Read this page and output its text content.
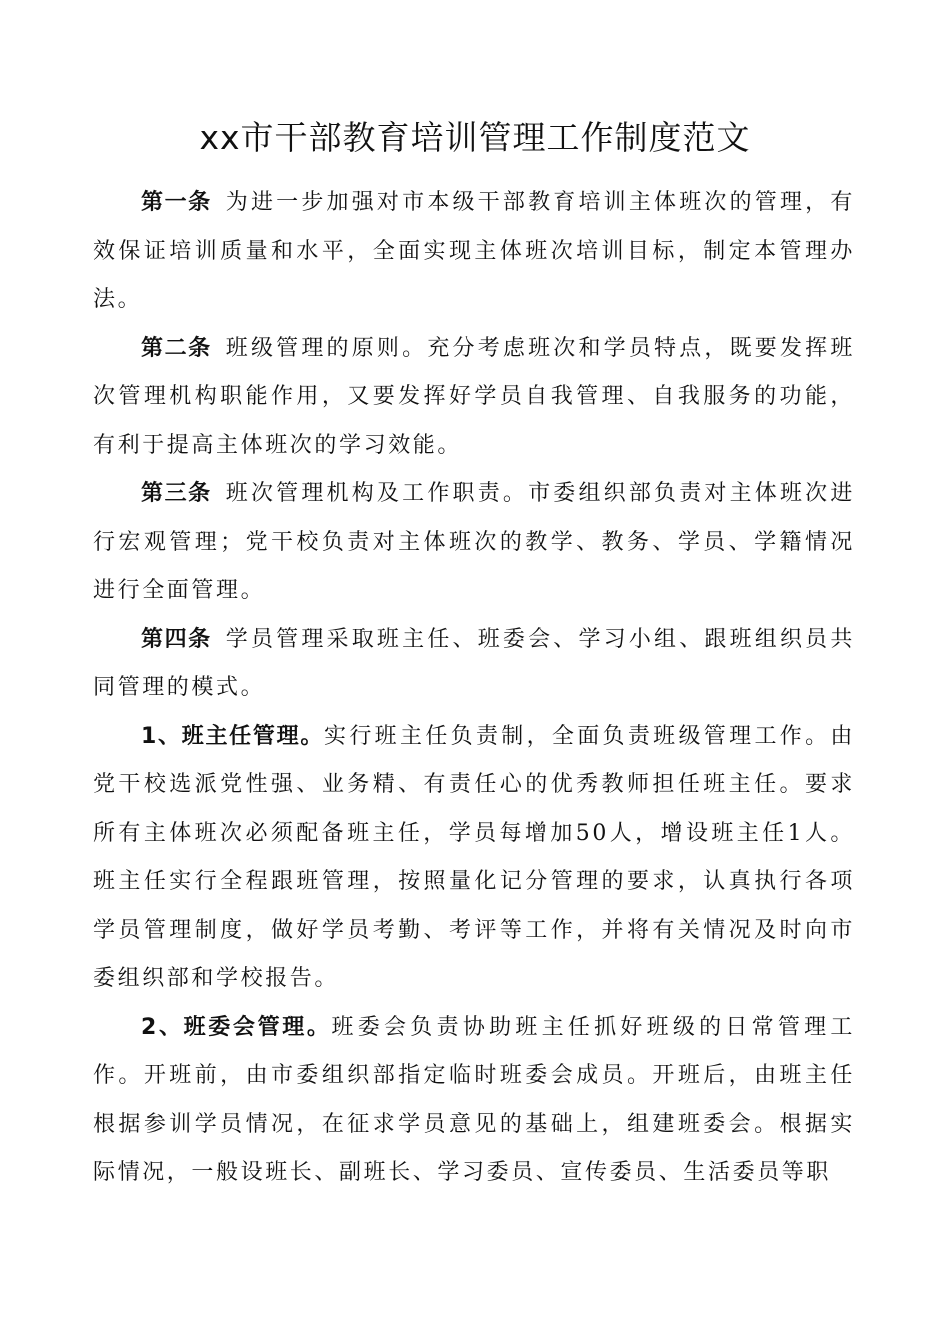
xx市干部教育培训管理工作制度范文

第一条 为进一步加强对市本级干部教育培训主体班次的管理，有效保证培训质量和水平，全面实现主体班次培训目标，制定本管理办法。

第二条 班级管理的原则。充分考虑班次和学员特点，既要发挥班次管理机构职能作用，又要发挥好学员自我管理、自我服务的功能，有利于提高主体班次的学习效能。

第三条 班次管理机构及工作职责。市委组织部负责对主体班次进行宏观管理；党干校负责对主体班次的教学、教务、学员、学籍情况进行全面管理。

第四条 学员管理采取班主任、班委会、学习小组、跟班组织员共同管理的模式。

1、班主任管理。实行班主任负责制，全面负责班级管理工作。由党干校选派党性强、业务精、有责任心的优秀教师担任班主任。要求所有主体班次必须配备班主任，学员每增加50人，增设班主任1人。班主任实行全程跟班管理，按照量化记分管理的要求，认真执行各项学员管理制度，做好学员考勤、考评等工作，并将有关情况及时向市委组织部和学校报告。

2、班委会管理。班委会负责协助班主任抓好班级的日常管理工作。开班前，由市委组织部指定临时班委会成员。开班后，由班主任根据参训学员情况，在征求学员意见的基础上，组建班委会。根据实际情况，一般设班长、副班长、学习委员、宣传委员、生活委员等职
